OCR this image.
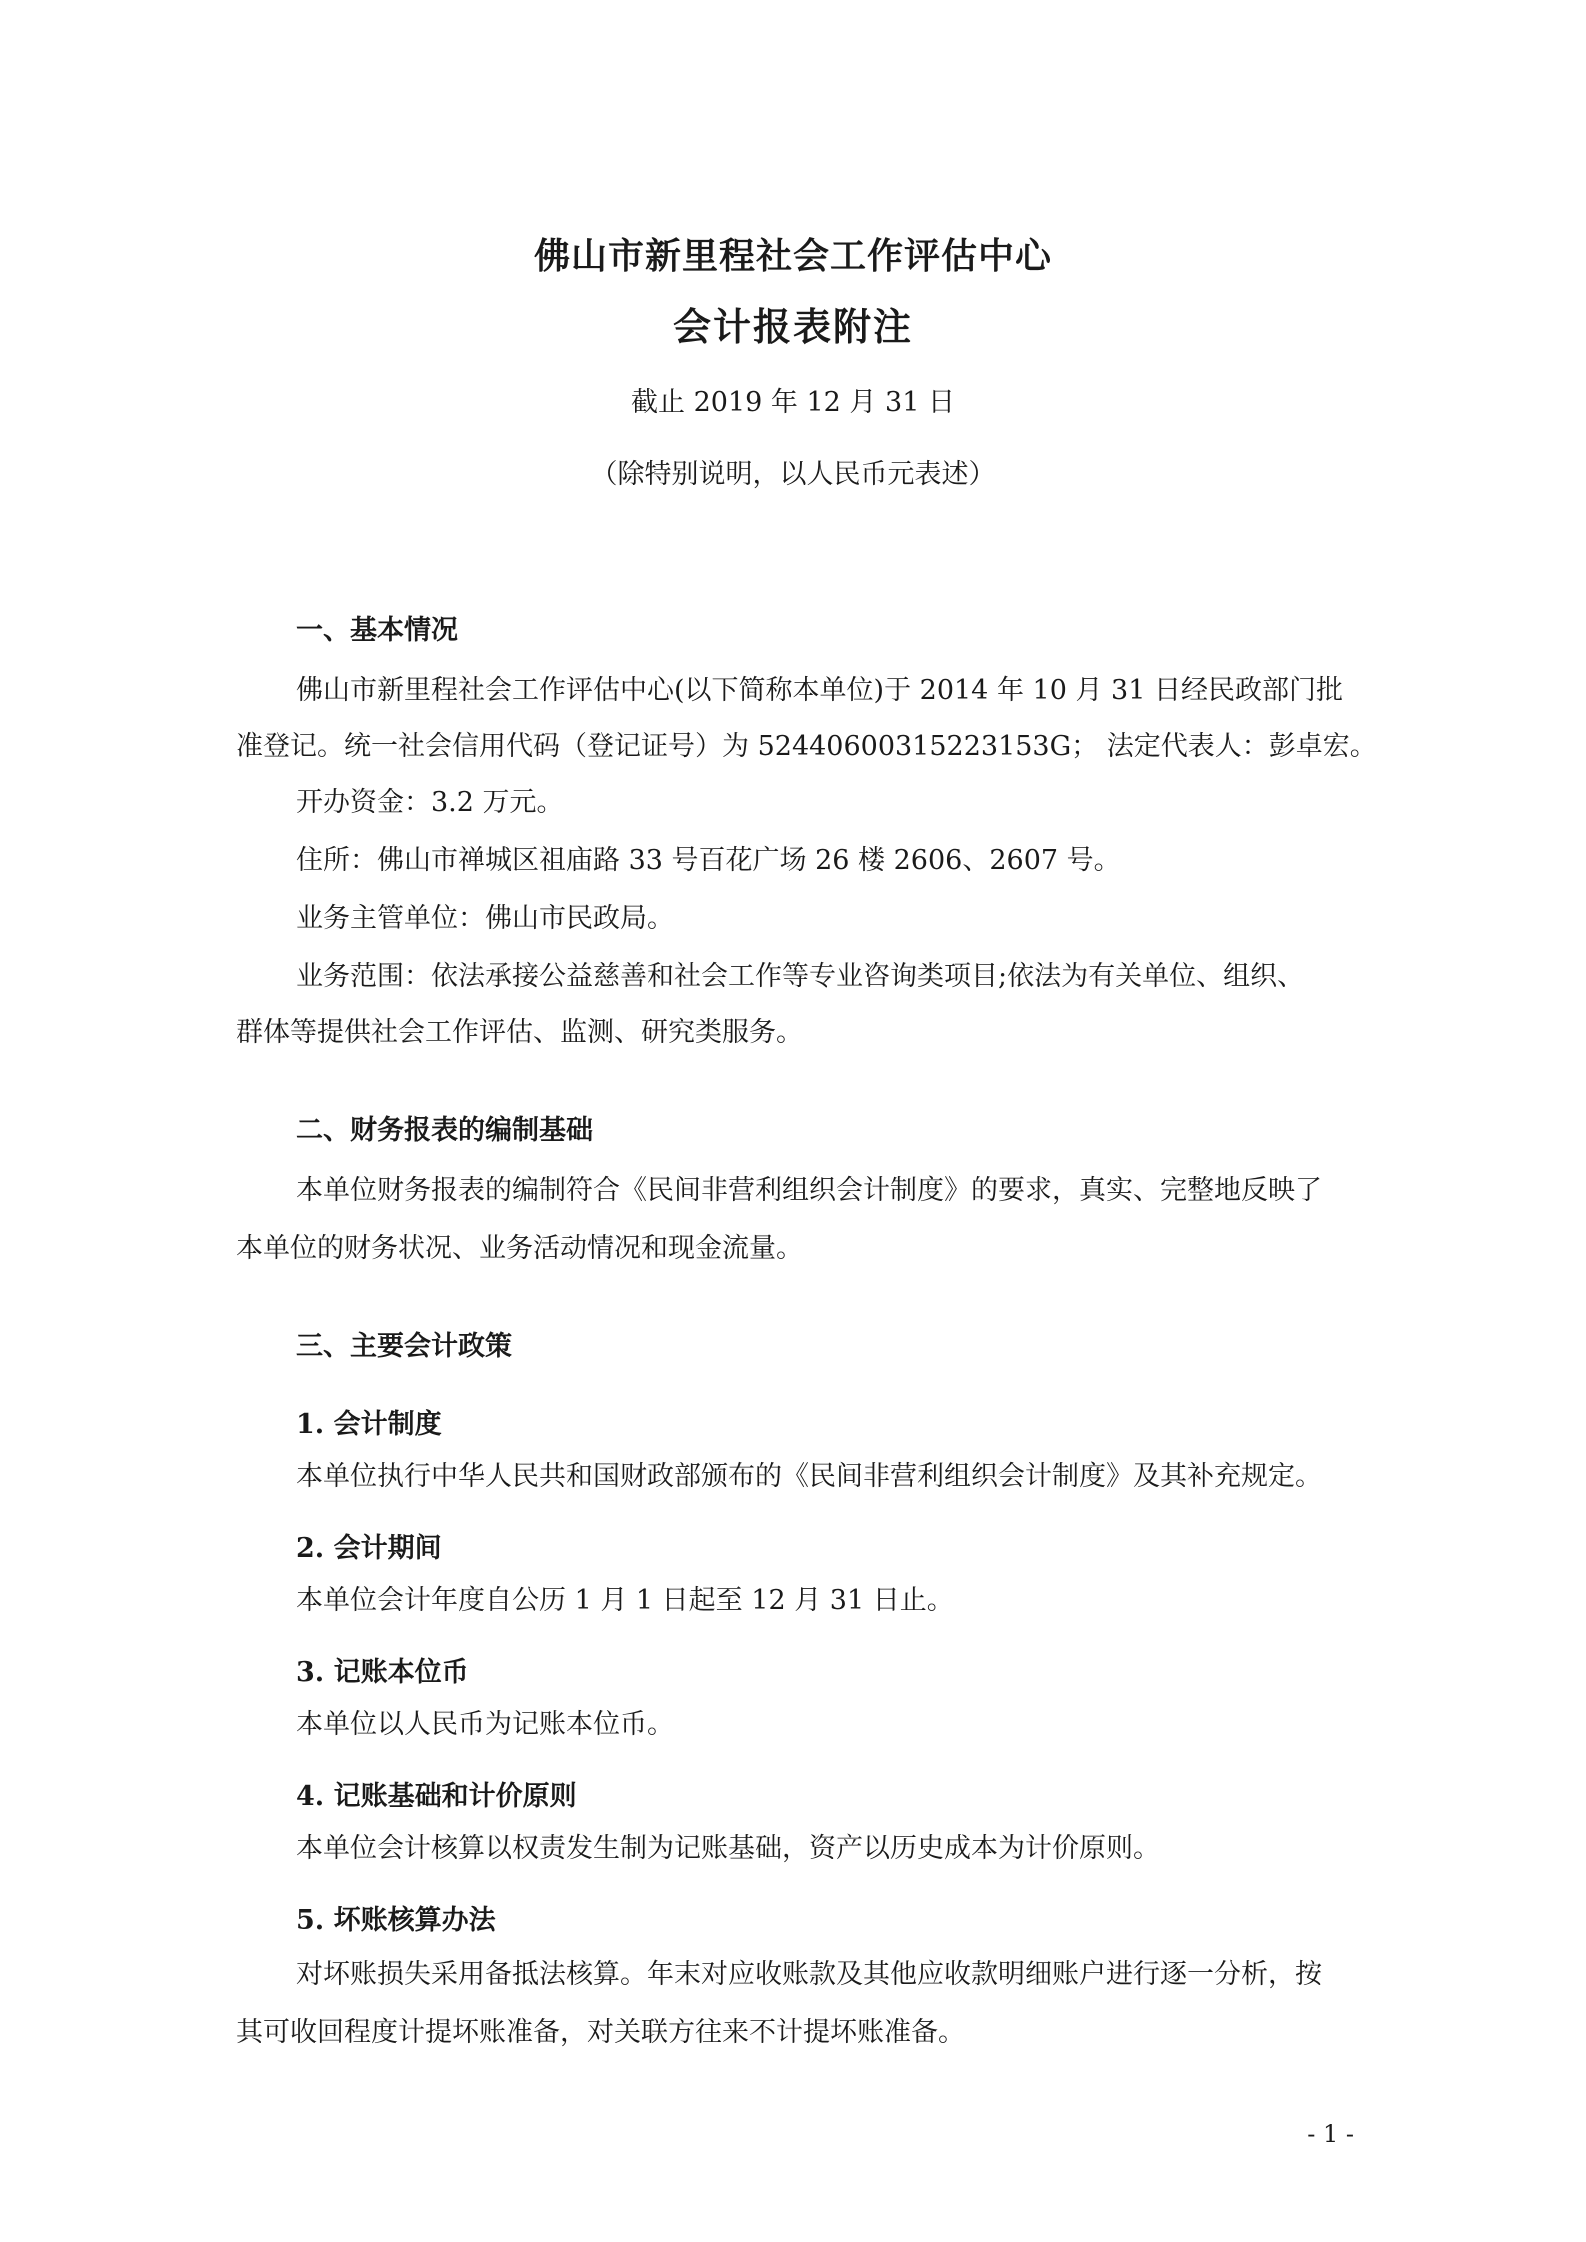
佛山市新里程社会工作评估中心
会计报表附注
截止 2019 年 12 月 31 日
（除特别说明，以人民币元表述）
一、基本情况
佛山市新里程社会工作评估中心(以下简称本单位)于 2014 年 10 月 31 日经民政部门批
准登记。统一社会信用代码（登记证号）为 52440600315223153G； 法定代表人：彭卓宏。
开办资金：3.2 万元。
住所：佛山市禅城区祖庙路 33 号百花广场 26 楼 2606、2607 号。
业务主管单位：佛山市民政局。
业务范围：依法承接公益慈善和社会工作等专业咨询类项目;依法为有关单位、组织、
群体等提供社会工作评估、监测、研究类服务。
二、财务报表的编制基础
本单位财务报表的编制符合《民间非营利组织会计制度》的要求，真实、完整地反映了
本单位的财务状况、业务活动情况和现金流量。
三、主要会计政策
1. 会计制度
本单位执行中华人民共和国财政部颁布的《民间非营利组织会计制度》及其补充规定。
2. 会计期间
本单位会计年度自公历 1 月 1 日起至 12 月 31 日止。
3. 记账本位币
本单位以人民币为记账本位币。
4. 记账基础和计价原则
本单位会计核算以权责发生制为记账基础，资产以历史成本为计价原则。
5. 坏账核算办法
对坏账损失采用备抵法核算。年末对应收账款及其他应收款明细账户进行逐一分析，按
其可收回程度计提坏账准备，对关联方往来不计提坏账准备。
- 1 -
